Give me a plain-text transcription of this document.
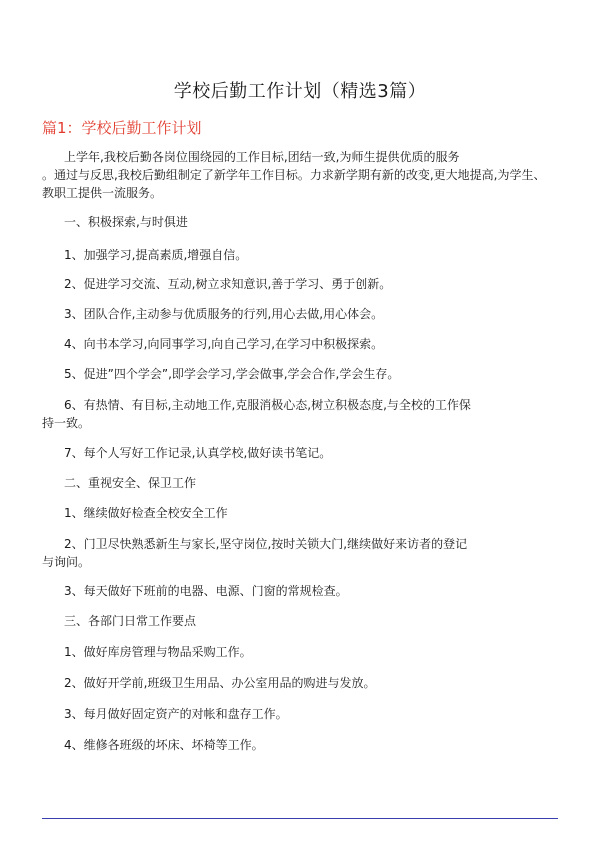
学校后勤工作计划（精选3篇）
篇1：学校后勤工作计划
上学年,我校后勤各岗位围绕园的工作目标,团结一致,为师生提供优质的服务
。通过与反思,我校后勤组制定了新学年工作目标。力求新学期有新的改变,更大地提高,为学生、
教职工提供一流服务。
一、积极探索,与时俱进
1、加强学习,提高素质,增强自信。
2、促进学习交流、互动,树立求知意识,善于学习、勇于创新。
3、团队合作,主动参与优质服务的行列,用心去做,用心体会。
4、向书本学习,向同事学习,向自己学习,在学习中积极探索。
5、促进”四个学会”,即学会学习,学会做事,学会合作,学会生存。
6、有热情、有目标,主动地工作,克服消极心态,树立积极态度,与全校的工作保
持一致。
7、每个人写好工作记录,认真学校,做好读书笔记。
二、重视安全、保卫工作
1、继续做好检查全校安全工作
2、门卫尽快熟悉新生与家长,坚守岗位,按时关锁大门,继续做好来访者的登记
与询问。
3、每天做好下班前的电器、电源、门窗的常规检查。
三、各部门日常工作要点
1、做好库房管理与物品采购工作。
2、做好开学前,班级卫生用品、办公室用品的购进与发放。
3、每月做好固定资产的对帐和盘存工作。
4、维修各班级的坏床、坏椅等工作。
